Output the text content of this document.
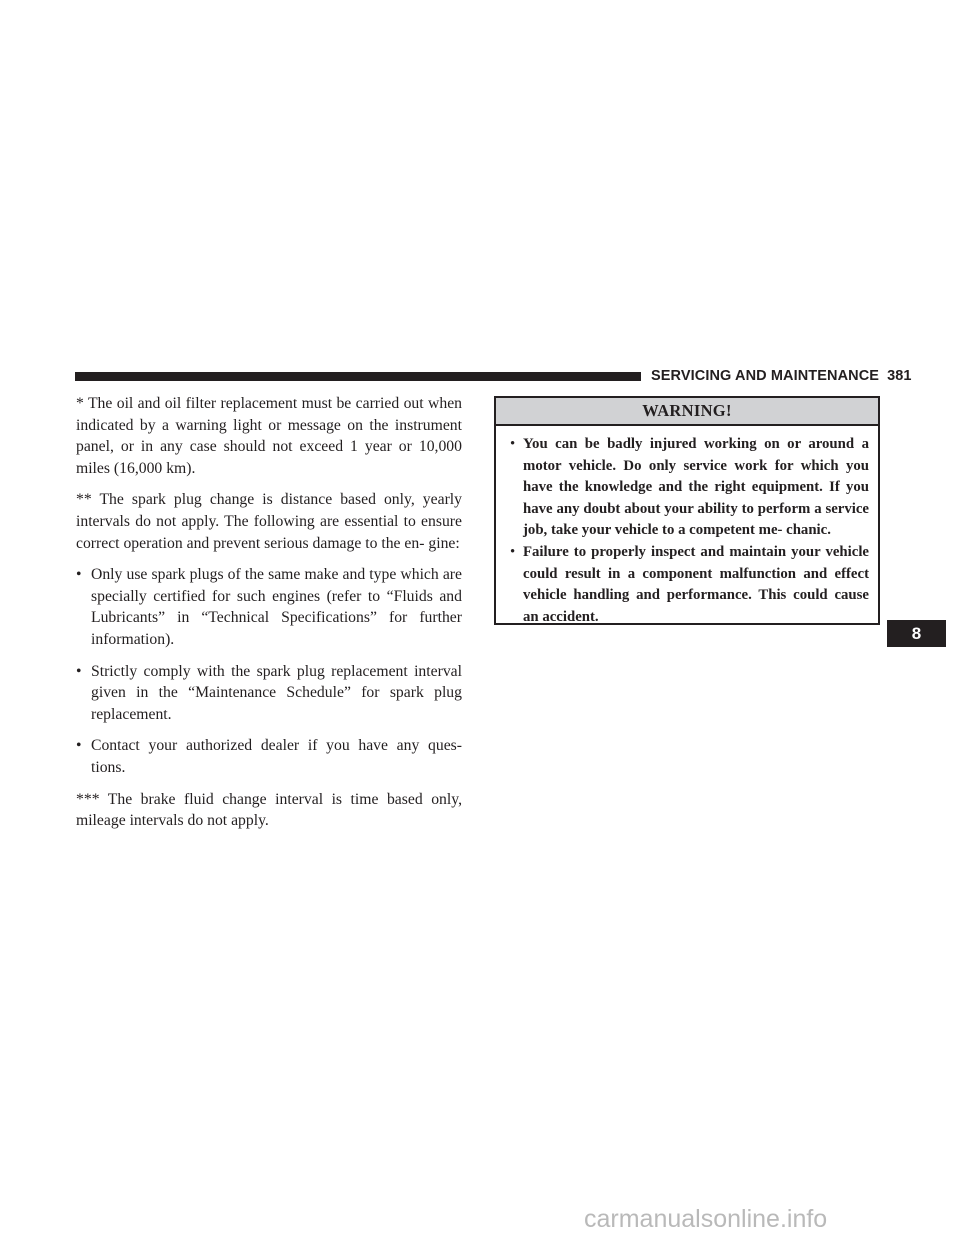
SERVICING AND MAINTENANCE 381

* The oil and oil filter replacement must be carried out when indicated by a warning light or message on the instrument panel, or in any case should not exceed 1 year or 10,000 miles (16,000 km).

** The spark plug change is distance based only, yearly intervals do not apply. The following are essential to ensure correct operation and prevent serious damage to the en- gine:

• Only use spark plugs of the same make and type which are specially certified for such engines (refer to “Fluids and Lubricants” in “Technical Specifications” for further information).
• Strictly comply with the spark plug replacement interval given in the “Maintenance Schedule” for spark plug replacement.
• Contact your authorized dealer if you have any ques- tions.

*** The brake fluid change interval is time based only, mileage intervals do not apply.

WARNING!
• You can be badly injured working on or around a motor vehicle. Do only service work for which you have the knowledge and the right equipment. If you have any doubt about your ability to perform a service job, take your vehicle to a competent me- chanic.
• Failure to properly inspect and maintain your vehicle could result in a component malfunction and effect vehicle handling and performance. This could cause an accident.
8
carmanualsonline.info
